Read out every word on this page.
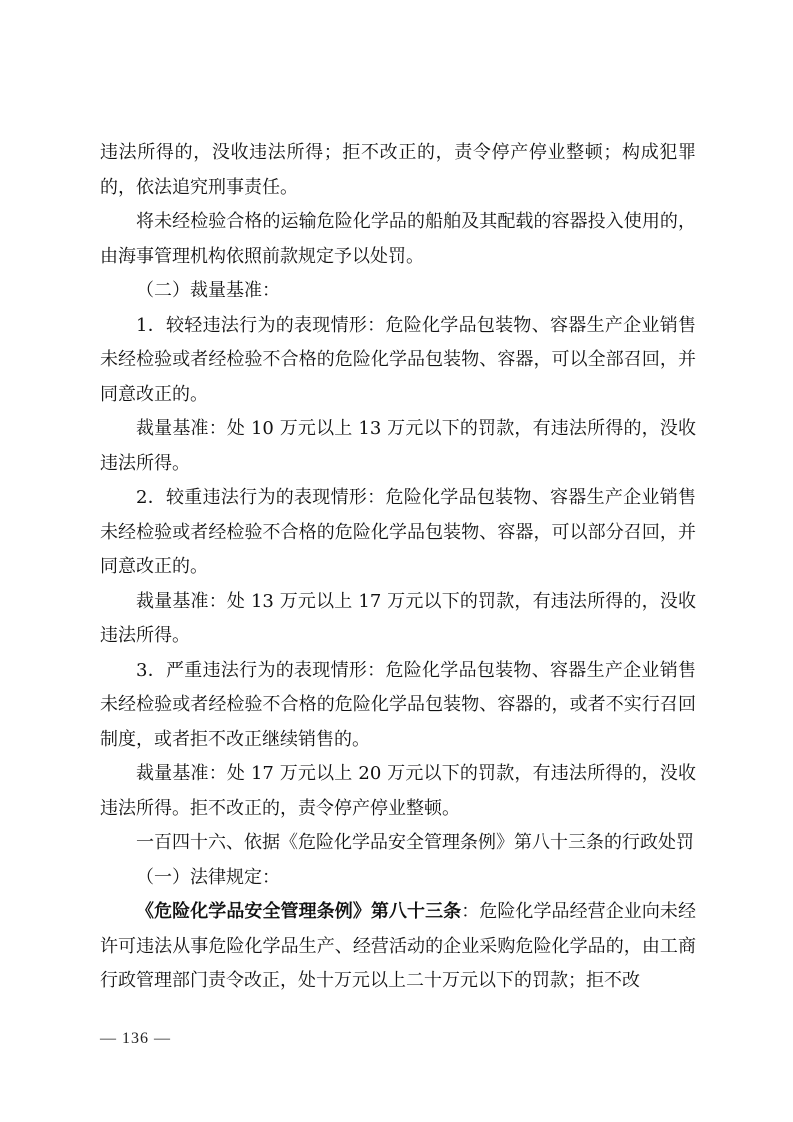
违法所得的，没收违法所得；拒不改正的，责令停产停业整顿；构成犯罪的，依法追究刑事责任。

将未经检验合格的运输危险化学品的船舶及其配载的容器投入使用的，由海事管理机构依照前款规定予以处罚。

（二）裁量基准：

1．较轻违法行为的表现情形：危险化学品包装物、容器生产企业销售未经检验或者经检验不合格的危险化学品包装物、容器，可以全部召回，并同意改正的。

裁量基准：处 10 万元以上 13 万元以下的罚款，有违法所得的，没收违法所得。

2．较重违法行为的表现情形：危险化学品包装物、容器生产企业销售未经检验或者经检验不合格的危险化学品包装物、容器，可以部分召回，并同意改正的。

裁量基准：处 13 万元以上 17 万元以下的罚款，有违法所得的，没收违法所得。

3．严重违法行为的表现情形：危险化学品包装物、容器生产企业销售未经检验或者经检验不合格的危险化学品包装物、容器的，或者不实行召回制度，或者拒不改正继续销售的。

裁量基准：处 17 万元以上 20 万元以下的罚款，有违法所得的，没收违法所得。拒不改正的，责令停产停业整顿。

一百四十六、依据《危险化学品安全管理条例》第八十三条的行政处罚

（一）法律规定：

《危险化学品安全管理条例》第八十三条：危险化学品经营企业向未经许可违法从事危险化学品生产、经营活动的企业采购危险化学品的，由工商行政管理部门责令改正，处十万元以上二十万元以下的罚款；拒不改

— 136 —
